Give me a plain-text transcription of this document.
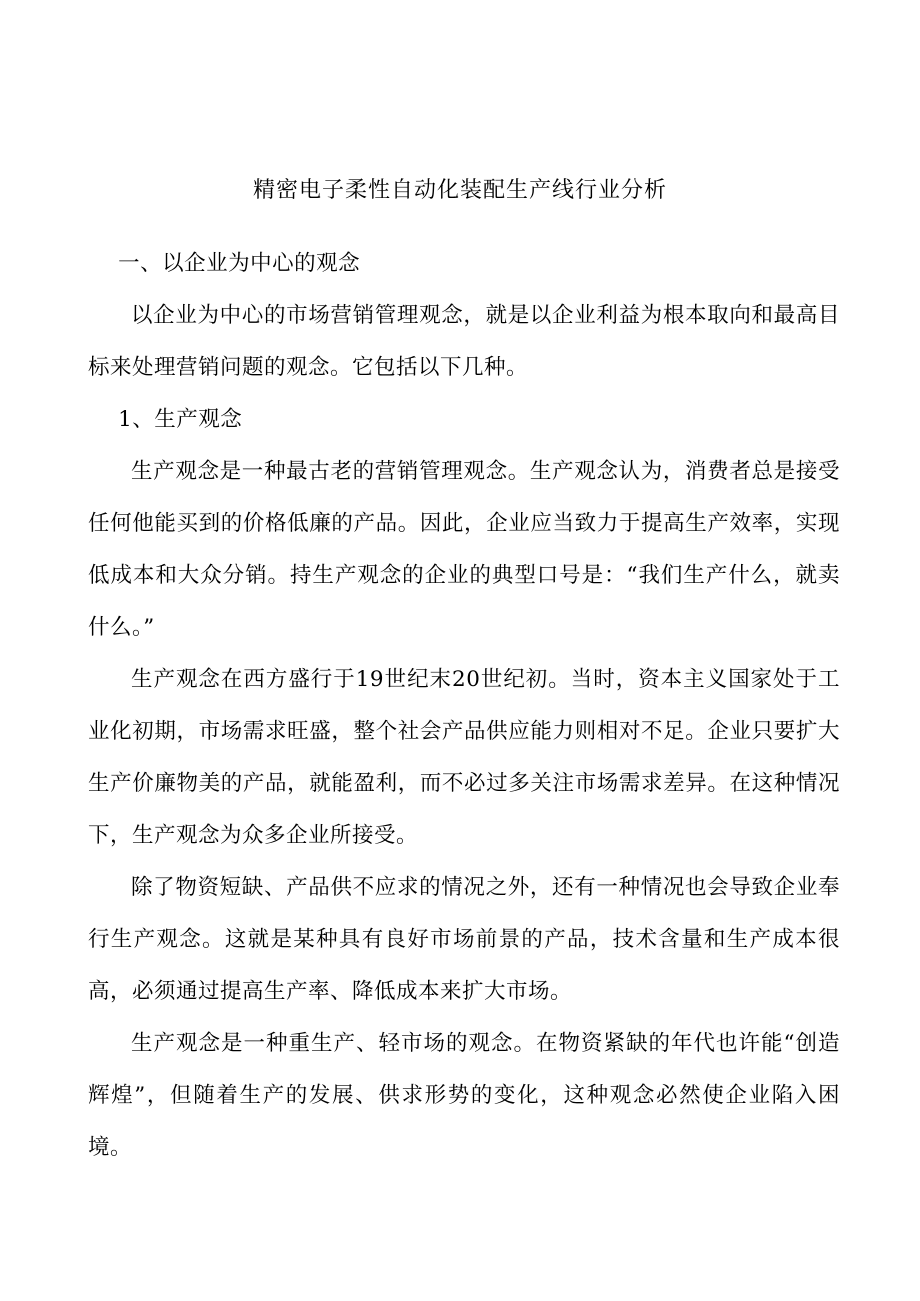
精密电子柔性自动化装配生产线行业分析

一、以企业为中心的观念

以企业为中心的市场营销管理观念，就是以企业利益为根本取向和最高目标来处理营销问题的观念。它包括以下几种。

1、生产观念

生产观念是一种最古老的营销管理观念。生产观念认为，消费者总是接受任何他能买到的价格低廉的产品。因此，企业应当致力于提高生产效率，实现低成本和大众分销。持生产观念的企业的典型口号是：“我们生产什么，就卖什么。”

生产观念在西方盛行于19世纪末20世纪初。当时，资本主义国家处于工业化初期，市场需求旺盛，整个社会产品供应能力则相对不足。企业只要扩大生产价廉物美的产品，就能盈利，而不必过多关注市场需求差异。在这种情况下，生产观念为众多企业所接受。

除了物资短缺、产品供不应求的情况之外，还有一种情况也会导致企业奉行生产观念。这就是某种具有良好市场前景的产品，技术含量和生产成本很高，必须通过提高生产率、降低成本来扩大市场。

生产观念是一种重生产、轻市场的观念。在物资紧缺的年代也许能“创造辉煌”，但随着生产的发展、供求形势的变化，这种观念必然使企业陷入困境。
